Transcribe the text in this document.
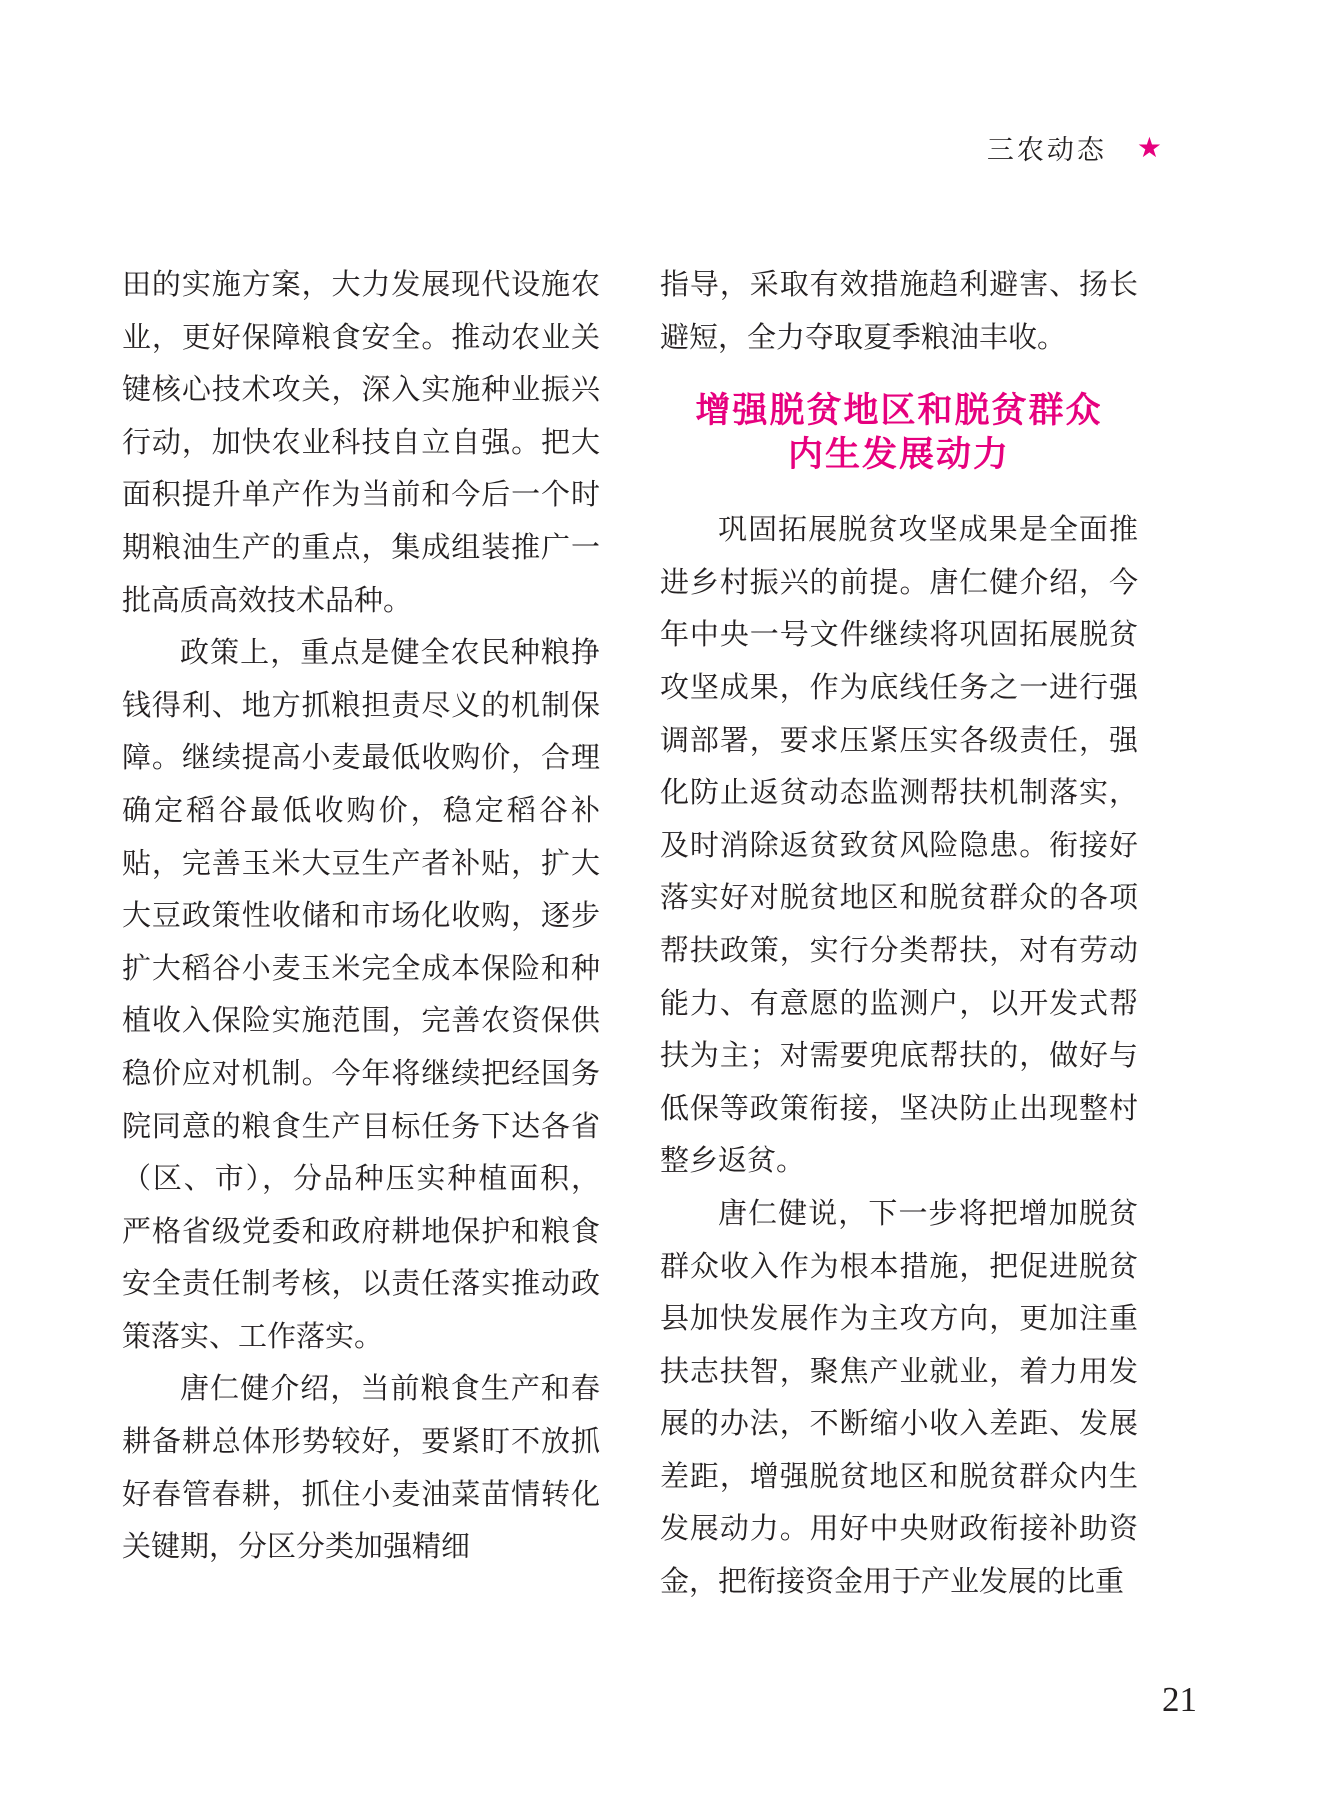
三农动态 ★

田的实施方案，大力发展现代设施农业，更好保障粮食安全。推动农业关键核心技术攻关，深入实施种业振兴行动，加快农业科技自立自强。把大面积提升单产作为当前和今后一个时期粮油生产的重点，集成组装推广一批高质高效技术品种。

政策上，重点是健全农民种粮挣钱得利、地方抓粮担责尽义的机制保障。继续提高小麦最低收购价，合理确定稻谷最低收购价，稳定稻谷补贴，完善玉米大豆生产者补贴，扩大大豆政策性收储和市场化收购，逐步扩大稻谷小麦玉米完全成本保险和种植收入保险实施范围，完善农资保供稳价应对机制。今年将继续把经国务院同意的粮食生产目标任务下达各省（区、市），分品种压实种植面积，严格省级党委和政府耕地保护和粮食安全责任制考核，以责任落实推动政策落实、工作落实。

唐仁健介绍，当前粮食生产和春耕备耕总体形势较好，要紧盯不放抓好春管春耕，抓住小麦油菜苗情转化关键期，分区分类加强精细

指导，采取有效措施趋利避害、扬长避短，全力夺取夏季粮油丰收。

增强脱贫地区和脱贫群众
内生发展动力

巩固拓展脱贫攻坚成果是全面推进乡村振兴的前提。唐仁健介绍，今年中央一号文件继续将巩固拓展脱贫攻坚成果，作为底线任务之一进行强调部署，要求压紧压实各级责任，强化防止返贫动态监测帮扶机制落实，及时消除返贫致贫风险隐患。衔接好落实好对脱贫地区和脱贫群众的各项帮扶政策，实行分类帮扶，对有劳动能力、有意愿的监测户，以开发式帮扶为主；对需要兜底帮扶的，做好与低保等政策衔接，坚决防止出现整村整乡返贫。

唐仁健说，下一步将把增加脱贫群众收入作为根本措施，把促进脱贫县加快发展作为主攻方向，更加注重扶志扶智，聚焦产业就业，着力用发展的办法，不断缩小收入差距、发展差距，增强脱贫地区和脱贫群众内生发展动力。用好中央财政衔接补助资金，把衔接资金用于产业发展的比重

21
